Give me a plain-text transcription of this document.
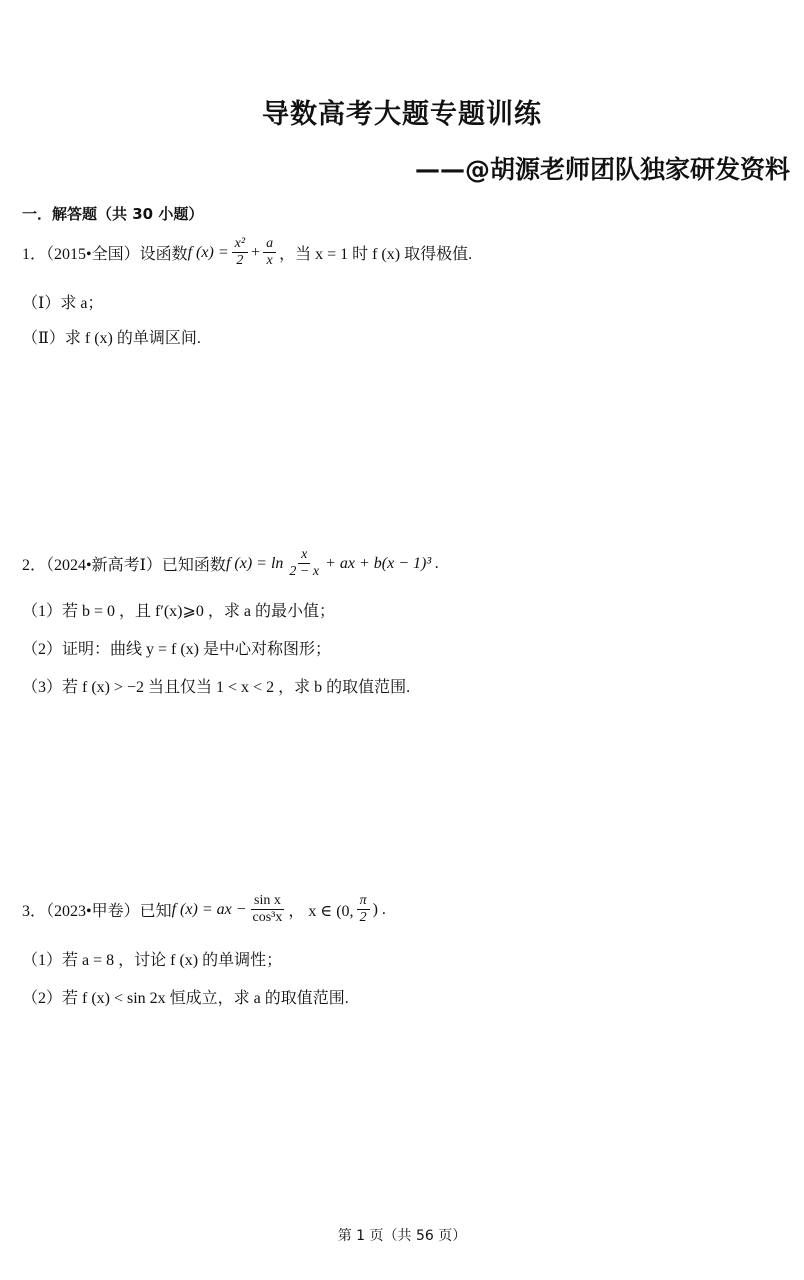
导数高考大题专题训练
——@胡源老师团队独家研发资料
一．解答题（共 30 小题）
1．（2015•全国）设函数 f $(x) = \frac{\text{x²}}{2} + \frac{a}{x}$ ，当 x = 1 时 f (x) 取得极值.
（Ⅰ）求 a；
（Ⅱ）求 f (x) 的单调区间.
2．（2024•新高考Ⅰ）已知函数 f $(x) = \ln \frac{x}{2 - x}$ + ax + b(x − 1)³ .
（1）若 b = 0 ，且 f′(x)⩾0 ，求 a 的最小值；
（2）证明：曲线 y = f (x) 是中心对称图形；
（3）若 f (x) > −2 当且仅当 1 < x < 2 ，求 b 的取值范围.
3．（2023•甲卷）已知 f (x) = ax − $\frac{\text{sin x}}{\text{cos³x}}$ ， x ∈ (0, $\frac{\pi}{2}$ ) .
（1）若 a = 8 ，讨论 f (x) 的单调性；
（2）若 f (x) < sin 2x 恒成立，求 a 的取值范围.
第 1 页（共 56 页）
